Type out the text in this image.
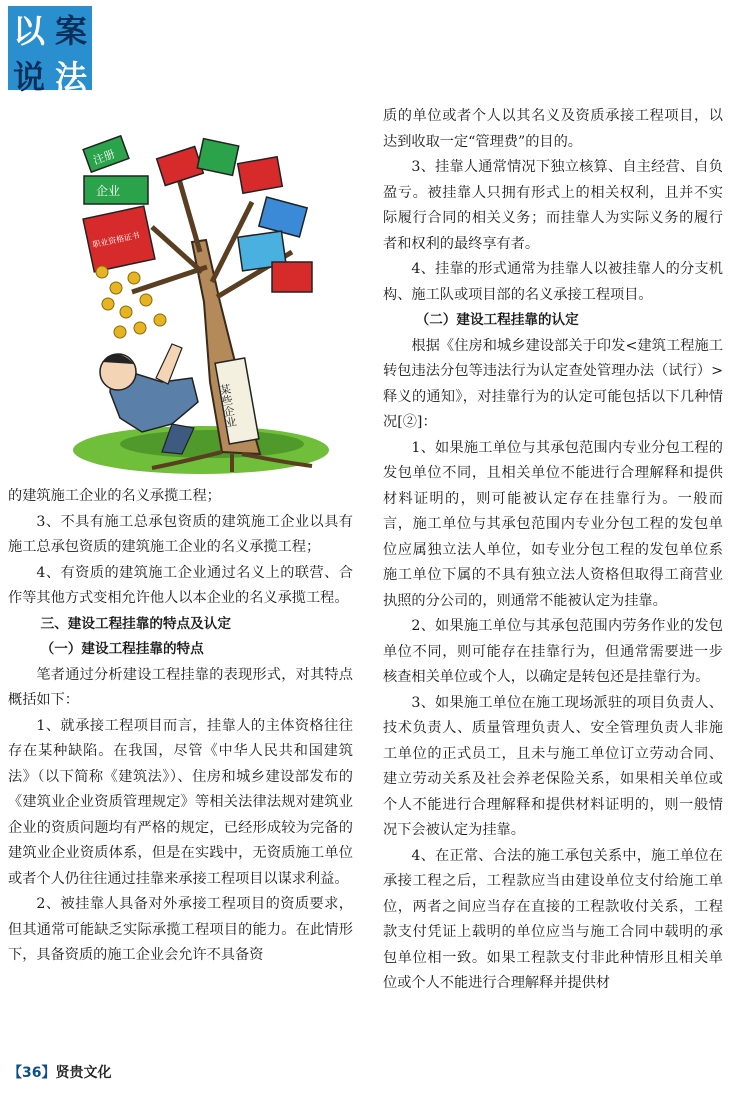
以 案
说 法
注册
企业
职业资格证书
某些企业

的建筑施工企业的名义承揽工程；

3、不具有施工总承包资质的建筑施工企业以具有施工总承包资质的建筑施工企业的名义承揽工程；

4、有资质的建筑施工企业通过名义上的联营、合作等其他方式变相允许他人以本企业的名义承揽工程。

三、建设工程挂靠的特点及认定

（一）建设工程挂靠的特点

笔者通过分析建设工程挂靠的表现形式，对其特点概括如下：

1、就承接工程项目而言，挂靠人的主体资格往往存在某种缺陷。在我国，尽管《中华人民共和国建筑法》（以下简称《建筑法》）、住房和城乡建设部发布的《建筑业企业资质管理规定》等相关法律法规对建筑业企业的资质问题均有严格的规定，已经形成较为完备的建筑业企业资质体系，但是在实践中，无资质施工单位或者个人仍往往通过挂靠来承接工程项目以谋求利益。

2、被挂靠人具备对外承接工程项目的资质要求，但其通常可能缺乏实际承揽工程项目的能力。在此情形下，具备资质的施工企业会允许不具备资

质的单位或者个人以其名义及资质承接工程项目，以达到收取一定“管理费”的目的。

3、挂靠人通常情况下独立核算、自主经营、自负盈亏。被挂靠人只拥有形式上的相关权利，且并不实际履行合同的相关义务；而挂靠人为实际义务的履行者和权利的最终享有者。

4、挂靠的形式通常为挂靠人以被挂靠人的分支机构、施工队或项目部的名义承接工程项目。

（二）建设工程挂靠的认定

根据《住房和城乡建设部关于印发<建筑工程施工转包违法分包等违法行为认定查处管理办法（试行）>释义的通知》，对挂靠行为的认定可能包括以下几种情况[②]：

1、如果施工单位与其承包范围内专业分包工程的发包单位不同，且相关单位不能进行合理解释和提供材料证明的，则可能被认定存在挂靠行为。一般而言，施工单位与其承包范围内专业分包工程的发包单位应属独立法人单位，如专业分包工程的发包单位系施工单位下属的不具有独立法人资格但取得工商营业执照的分公司的，则通常不能被认定为挂靠。

2、如果施工单位与其承包范围内劳务作业的发包单位不同，则可能存在挂靠行为，但通常需要进一步核查相关单位或个人，以确定是转包还是挂靠行为。

3、如果施工单位在施工现场派驻的项目负责人、技术负责人、质量管理负责人、安全管理负责人非施工单位的正式员工，且未与施工单位订立劳动合同、建立劳动关系及社会养老保险关系，如果相关单位或个人不能进行合理解释和提供材料证明的，则一般情况下会被认定为挂靠。

4、在正常、合法的施工承包关系中，施工单位在承接工程之后，工程款应当由建设单位支付给施工单位，两者之间应当存在直接的工程款收付关系，工程款支付凭证上载明的单位应当与施工合同中载明的承包单位相一致。如果工程款支付非此种情形且相关单位或个人不能进行合理解释并提供材

【36】贤贵文化
